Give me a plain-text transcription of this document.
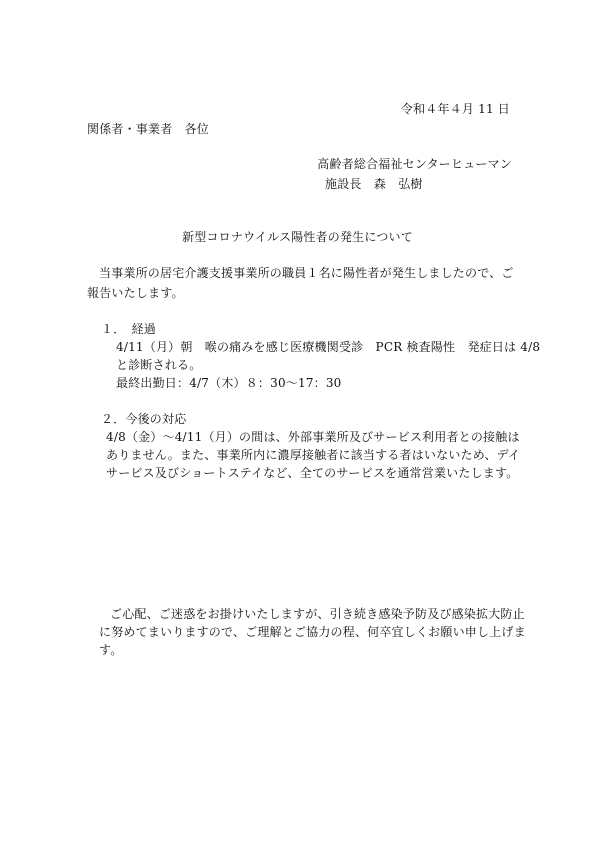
令和４年４月 11 日
関係者・事業者　各位
高齢者総合福祉センターヒューマン
施設長　森　弘樹
新型コロナウイルス陽性者の発生について
当事業所の居宅介護支援事業所の職員１名に陽性者が発生しましたので、ご
報告いたします。
１．　経過
4/11（月）朝　喉の痛みを感じ医療機関受診　PCR 検査陽性　発症日は 4/8
と診断される。
最終出勤日：4/7（木）８：30〜17：30
２．今後の対応
4/8（金）〜4/11（月）の間は、外部事業所及びサービス利用者との接触は
ありません。また、事業所内に濃厚接触者に該当する者はいないため、デイ
サービス及びショートステイなど、全てのサービスを通常営業いたします。
ご心配、ご迷惑をお掛けいたしますが、引き続き感染予防及び感染拡大防止
に努めてまいりますので、ご理解とご協力の程、何卒宜しくお願い申し上げま
す。
